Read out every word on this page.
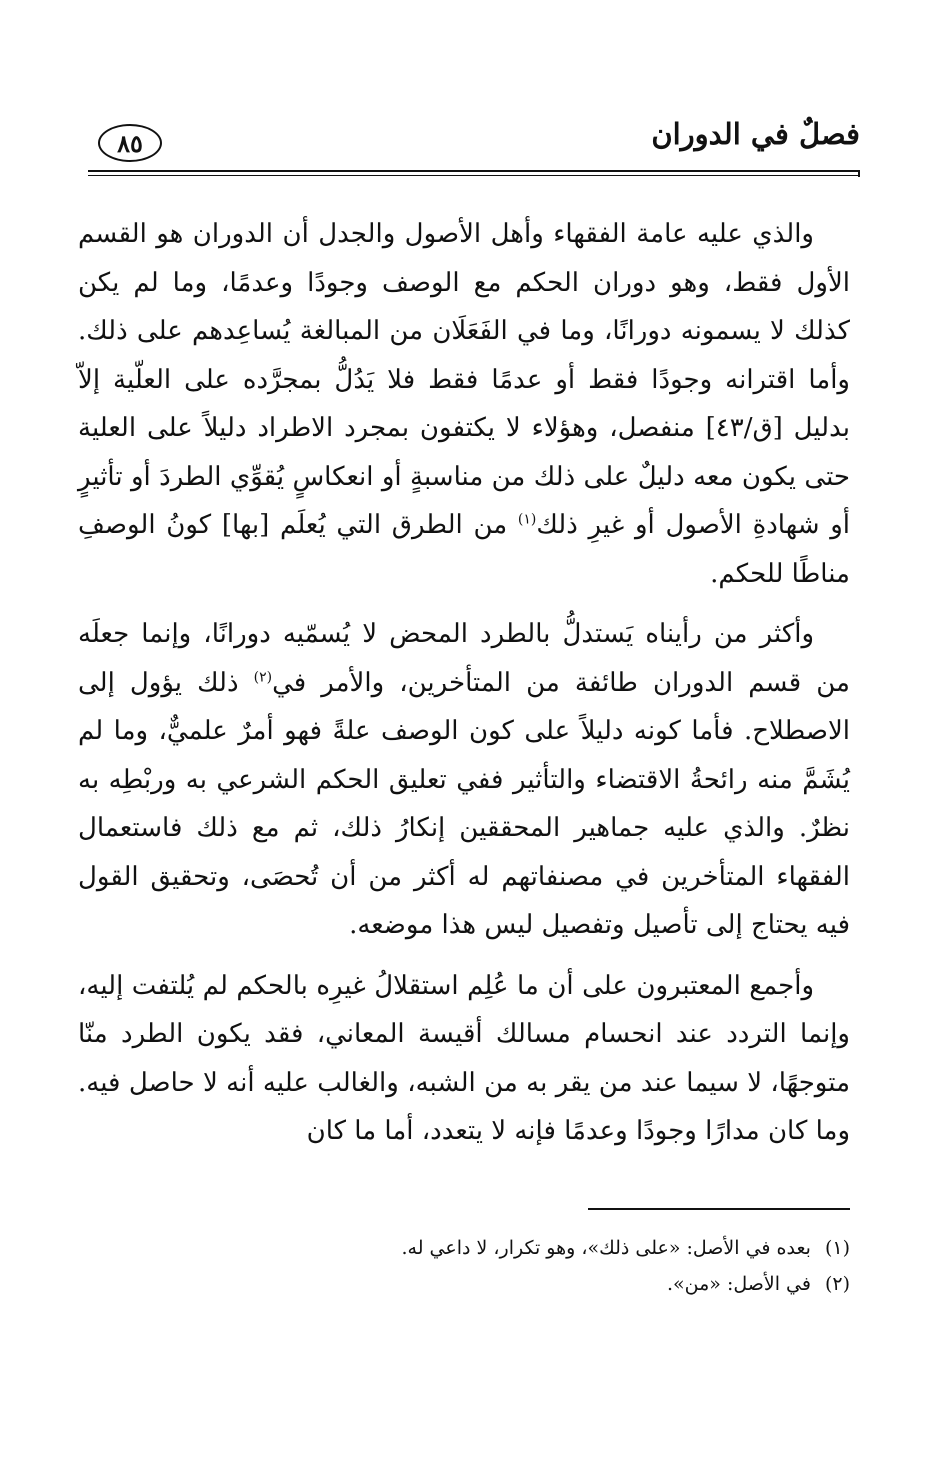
فصلٌ في الدوران
٨٥

والذي عليه عامة الفقهاء وأهل الأصول والجدل أن الدوران هو القسم الأول فقط، وهو دوران الحكم مع الوصف وجودًا وعدمًا، وما لم يكن كذلك لا يسمونه دورانًا، وما في الفَعَلَان من المبالغة يُساعِدهم على ذلك. وأما اقترانه وجودًا فقط أو عدمًا فقط فلا يَدُلُّ بمجرَّده على العلّية إلاّ بدليل [ق/٤٣] منفصل، وهؤلاء لا يكتفون بمجرد الاطراد دليلاً على العلية حتى يكون معه دليلٌ على ذلك من مناسبةٍ أو انعكاسٍ يُقوِّي الطردَ أو تأثيرٍ أو شهادةِ الأصول أو غيرِ ذلك$^{(١)}$ من الطرق التي يُعلَم [بها] كونُ الوصفِ مناطًا للحكم.

وأكثر من رأيناه يَستدلُّ بالطرد المحض لا يُسمّيه دورانًا، وإنما جعلَه من قسم الدوران طائفة من المتأخرين، والأمر في$^{(٢)}$ ذلك يؤول إلى الاصطلاح. فأما كونه دليلاً على كون الوصف علةً فهو أمرٌ علميٌّ، وما لم يُشَمَّ منه رائحةُ الاقتضاء والتأثير ففي تعليق الحكم الشرعي به وربْطِه به نظرٌ. والذي عليه جماهير المحققين إنكارُ ذلك، ثم مع ذلك فاستعمال الفقهاء المتأخرين في مصنفاتهم له أكثر من أن تُحصَى، وتحقيق القول فيه يحتاج إلى تأصيل وتفصيل ليس هذا موضعه.

وأجمع المعتبرون على أن ما عُلِم استقلالُ غيرِه بالحكم لم يُلتفت إليه، وإنما التردد عند انحسام مسالك أقيسة المعاني، فقد يكون الطرد منّا متوجهًا، لا سيما عند من يقر به من الشبه، والغالب عليه أنه لا حاصل فيه. وما كان مدارًا وجودًا وعدمًا فإنه لا يتعدد، أما ما كان

(١)بعده في الأصل: «على ذلك»، وهو تكرار، لا داعي له.

(٢)في الأصل: «من».
